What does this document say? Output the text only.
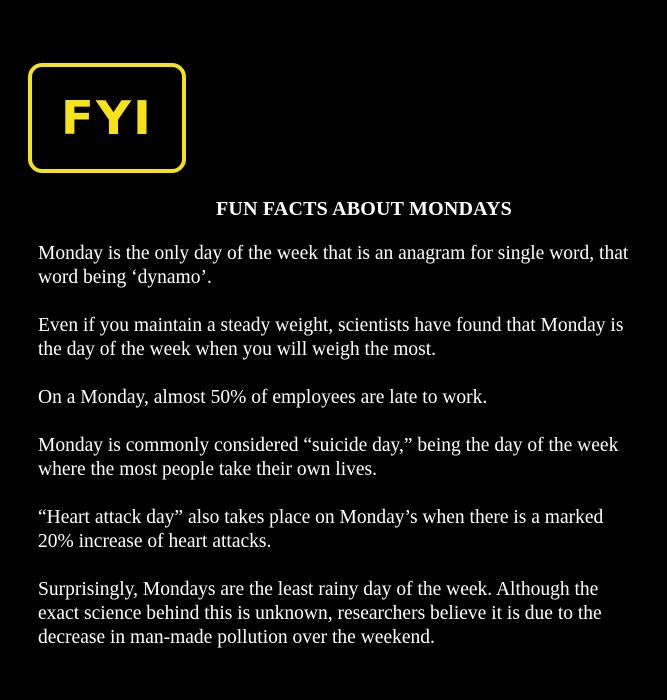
FYI
FUN FACTS ABOUT MONDAYS

Monday is the only day of the week that is an anagram for single word, that word being ‘dynamo’.

Even if you maintain a steady weight, scientists have found that Monday is the day of the week when you will weigh the most.

On a Monday, almost 50% of employees are late to work.

Monday is commonly considered “suicide day,” being the day of the week where the most people take their own lives.

“Heart attack day” also takes place on Monday’s when there is a marked 20% increase of heart attacks.

Surprisingly, Mondays are the least rainy day of the week. Although the exact science behind this is unknown, researchers believe it is due to the decrease in man-made pollution over the weekend.
